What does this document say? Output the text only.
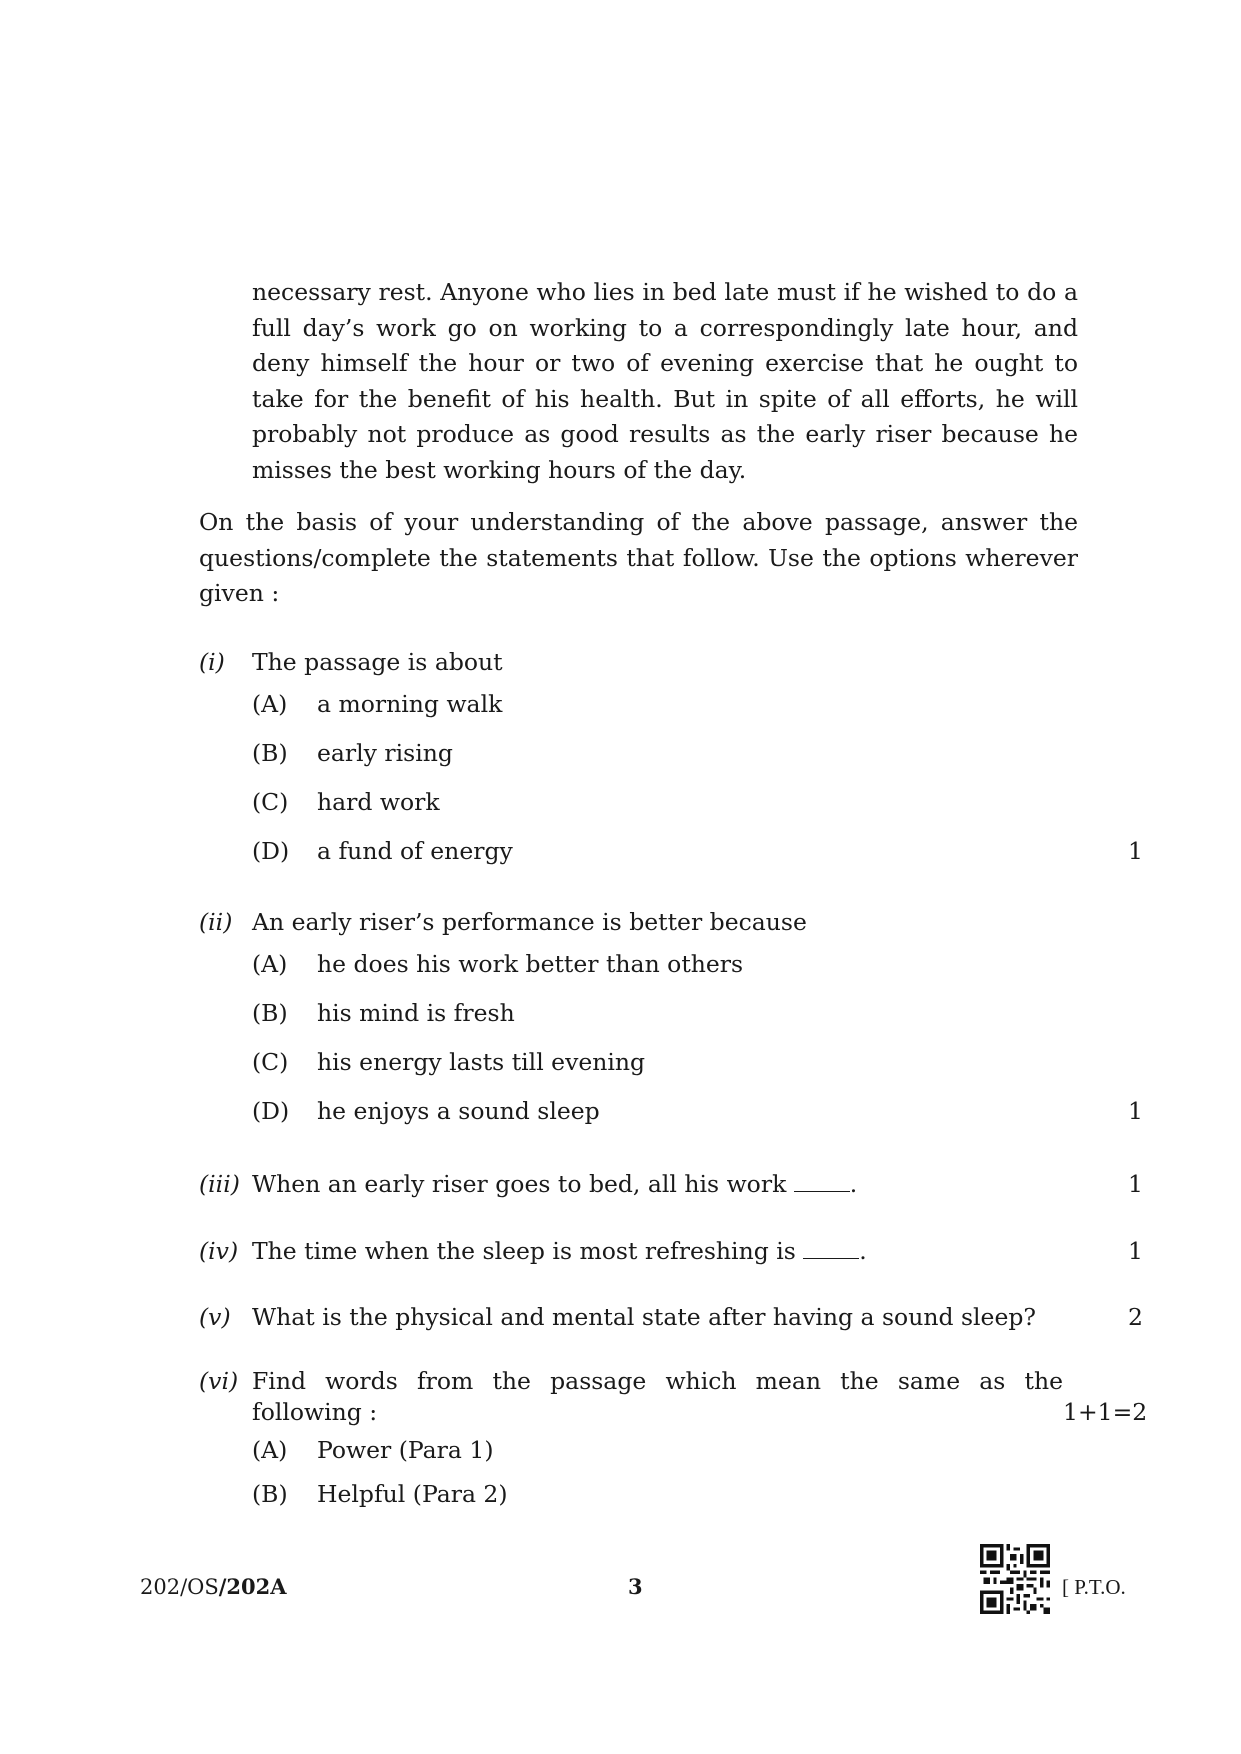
necessary rest. Anyone who lies in bed late must if he wished to do a full day’s work go on working to a correspondingly late hour, and deny himself the hour or two of evening exercise that he ought to take for the benefit of his health. But in spite of all efforts, he will probably not produce as good results as the early riser because he misses the best working hours of the day.

On the basis of your understanding of the above passage, answer the questions/complete the statements that follow. Use the options wherever given :

(i)	The passage is about
(A)	a morning walk
(B)	early rising
(C)	hard work
(D)	a fund of energy	1
(ii) An early riser’s performance is better because
(A)	he does his work better than others
(B)	his mind is fresh
(C)	his energy lasts till evening
(D)	he enjoys a sound sleep	1
(iii) When an early riser goes to bed, all his work	.	1
(iv) The time when the sleep is most refreshing is	.	1
(v) What is the physical and mental state after having a sound sleep?	2
(vi) Find words from the passage which mean the same as the
following :	1+1=2
(A)	Power (Para 1)
(B)	Helpful (Para 2)
202/OS/202A	3	[ P.T.O.
